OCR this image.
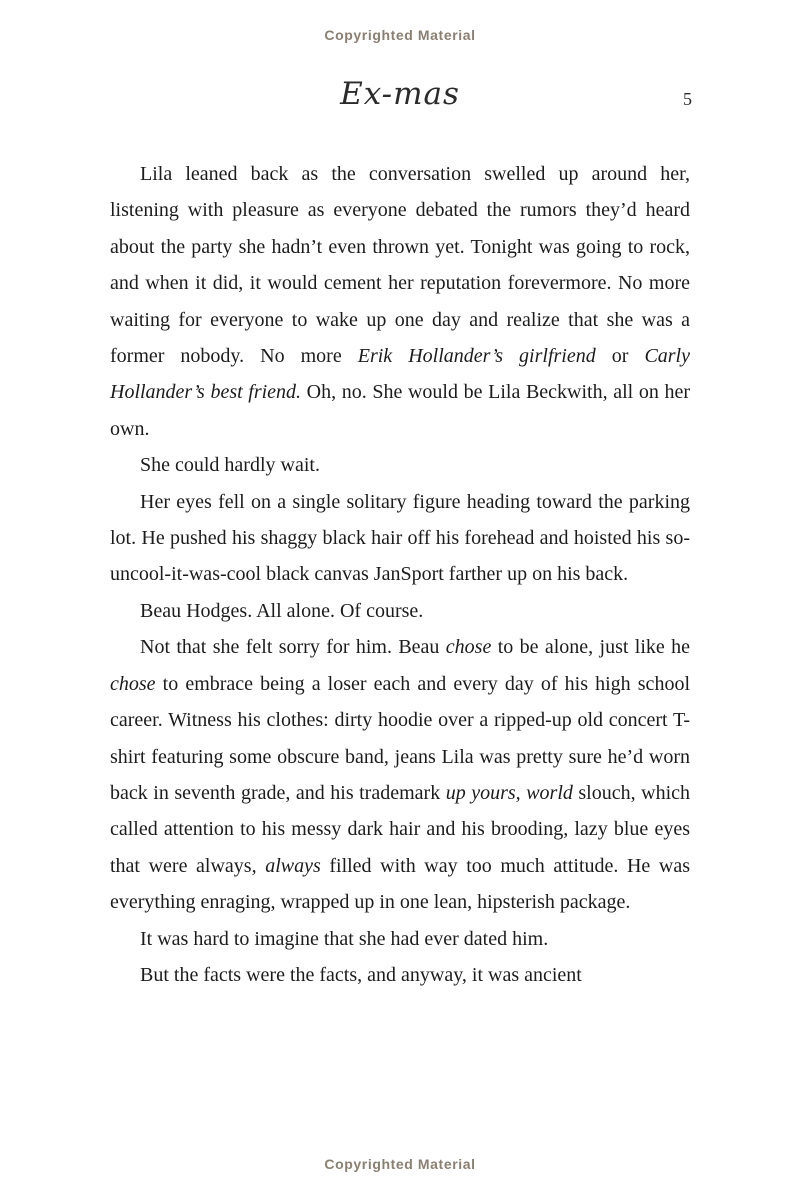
Copyrighted Material
Ex-mas	5

Lila leaned back as the conversation swelled up around her, listening with pleasure as everyone debated the rumors they’d heard about the party she hadn’t even thrown yet. Tonight was going to rock, and when it did, it would cement her reputation forevermore. No more waiting for everyone to wake up one day and realize that she was a former nobody. No more Erik Hollander’s girlfriend or Carly Hollander’s best friend. Oh, no. She would be Lila Beckwith, all on her own.

She could hardly wait.

Her eyes fell on a single solitary figure heading toward the parking lot. He pushed his shaggy black hair off his forehead and hoisted his so-uncool-it-was-cool black canvas JanSport farther up on his back.

Beau Hodges. All alone. Of course.

Not that she felt sorry for him. Beau chose to be alone, just like he chose to embrace being a loser each and every day of his high school career. Witness his clothes: dirty hoodie over a ripped-up old concert T-shirt featuring some obscure band, jeans Lila was pretty sure he’d worn back in seventh grade, and his trademark up yours, world slouch, which called attention to his messy dark hair and his brooding, lazy blue eyes that were always, always filled with way too much attitude. He was everything enraging, wrapped up in one lean, hipsterish package.

It was hard to imagine that she had ever dated him.

But the facts were the facts, and anyway, it was ancient

Copyrighted Material
